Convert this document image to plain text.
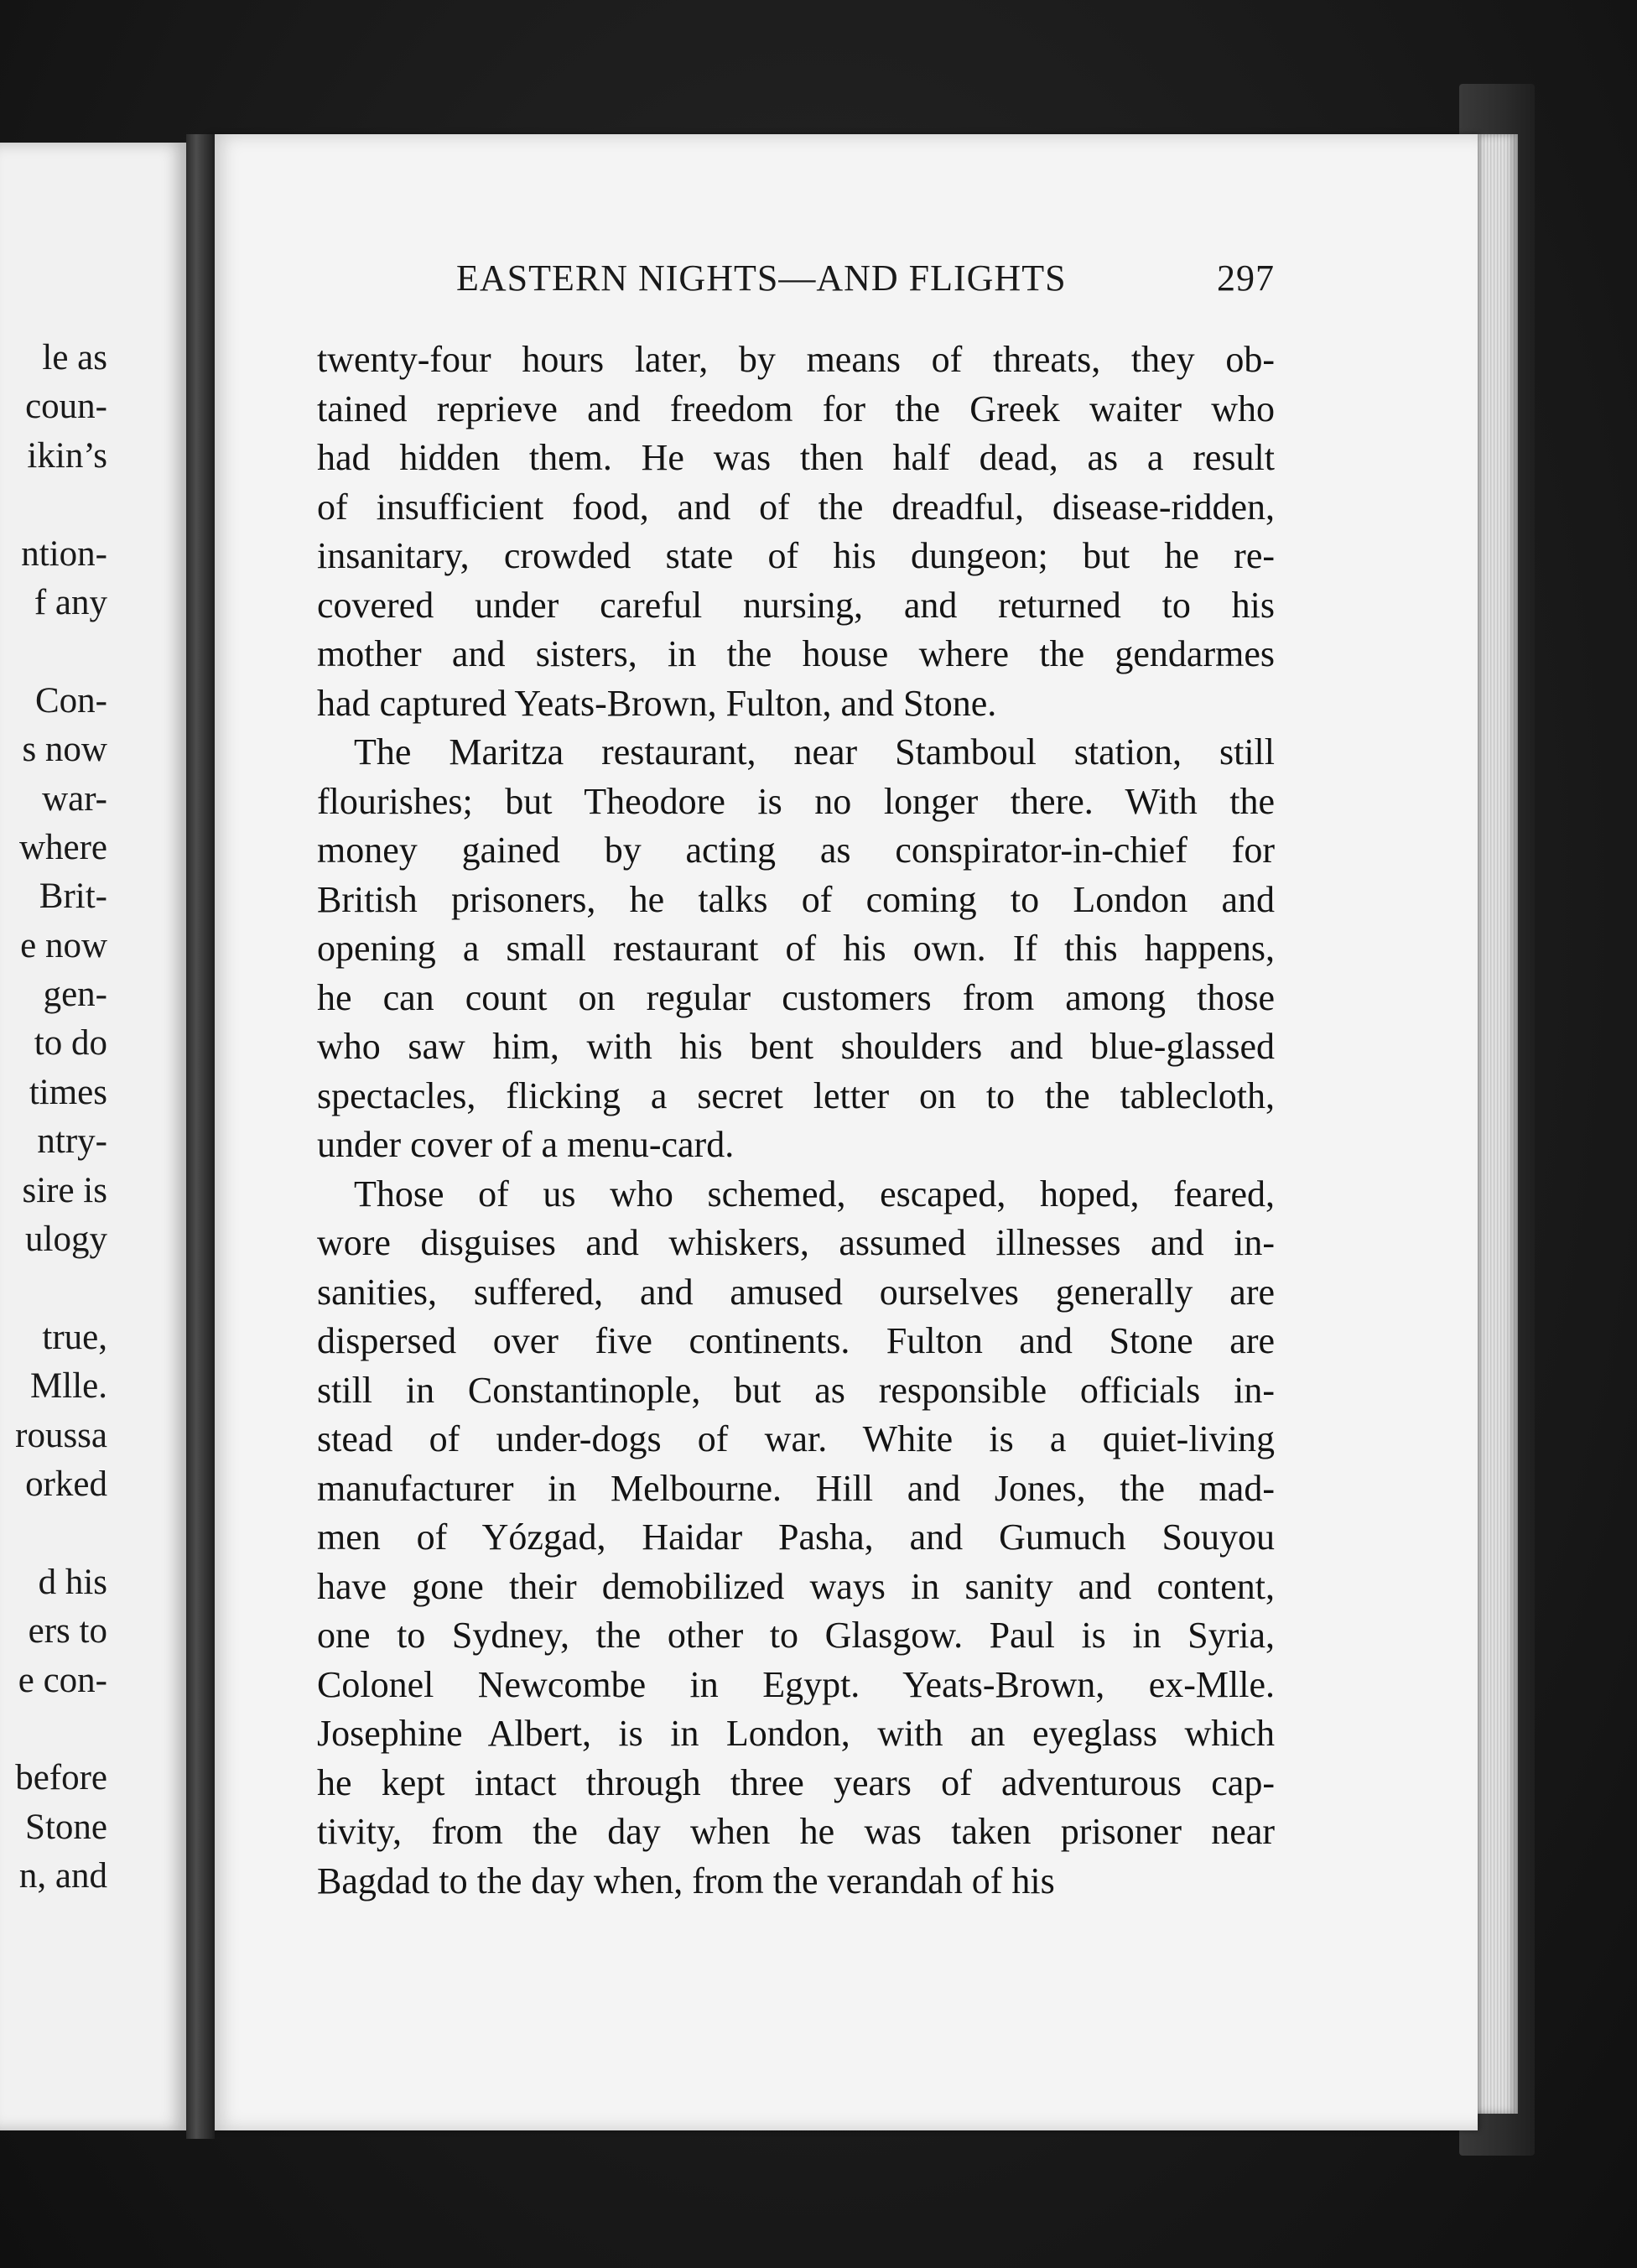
le as
coun-
ikin’s
ntion-
f any
Con-
s now
war-
where
Brit-
e now
gen-
to do
times
ntry-
sire is
ulogy
true,
Mlle.
roussa
orked
d his
ers to
e con-
before
Stone
n, and
EASTERN NIGHTS—AND FLIGHTS	297
twenty-four hours later, by means of threats, they ob-
tained reprieve and freedom for the Greek waiter who
had hidden them. He was then half dead, as a result
of insufficient food, and of the dreadful, disease-ridden,
insanitary, crowded state of his dungeon; but he re-
covered under careful nursing, and returned to his
mother and sisters, in the house where the gendarmes
had captured Yeats-Brown, Fulton, and Stone.
The Maritza restaurant, near Stamboul station, still
flourishes; but Theodore is no longer there. With the
money gained by acting as conspirator-in-chief for
British prisoners, he talks of coming to London and
opening a small restaurant of his own. If this happens,
he can count on regular customers from among those
who saw him, with his bent shoulders and blue-glassed
spectacles, flicking a secret letter on to the tablecloth,
under cover of a menu-card.
Those of us who schemed, escaped, hoped, feared,
wore disguises and whiskers, assumed illnesses and in-
sanities, suffered, and amused ourselves generally are
dispersed over five continents. Fulton and Stone are
still in Constantinople, but as responsible officials in-
stead of under-dogs of war. White is a quiet-living
manufacturer in Melbourne. Hill and Jones, the mad-
men of Yózgad, Haidar Pasha, and Gumuch Souyou
have gone their demobilized ways in sanity and content,
one to Sydney, the other to Glasgow. Paul is in Syria,
Colonel Newcombe in Egypt. Yeats-Brown, ex-Mlle.
Josephine Albert, is in London, with an eyeglass which
he kept intact through three years of adventurous cap-
tivity, from the day when he was taken prisoner near
Bagdad to the day when, from the verandah of his
